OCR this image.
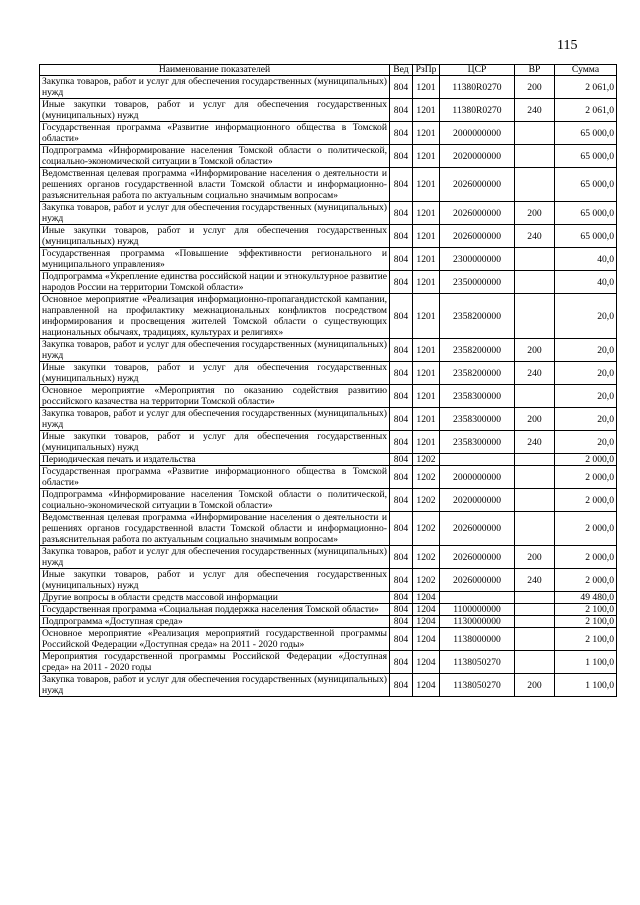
115
Наименование показателей	Вед	РзПр	ЦСР	ВР	Сумма
Закупка товаров, работ и услуг для обеспечения государственных (муниципальных) нужд	804	1201	11380R0270	200	2 061,0
Иные закупки товаров, работ и услуг для обеспечения государственных (муниципальных) нужд	804	1201	11380R0270	240	2 061,0
Государственная программа «Развитие информационного общества в Томской области»	804	1201	2000000000		65 000,0
Подпрограмма «Информирование населения Томской области о политической, социально-экономической ситуации в Томской области»	804	1201	2020000000		65 000,0
Ведомственная целевая программа «Информирование населения о деятельности и решениях органов государственной власти Томской области и информационно-разъяснительная работа по актуальным социально значимым вопросам»	804	1201	2026000000		65 000,0
Закупка товаров, работ и услуг для обеспечения государственных (муниципальных) нужд	804	1201	2026000000	200	65 000,0
Иные закупки товаров, работ и услуг для обеспечения государственных (муниципальных) нужд	804	1201	2026000000	240	65 000,0
Государственная программа «Повышение эффективности регионального и муниципального управления»	804	1201	2300000000		40,0
Подпрограмма «Укрепление единства российской нации и этнокультурное развитие народов России на территории Томской области»	804	1201	2350000000		40,0
Основное мероприятие «Реализация информационно-пропагандистской кампании, направленной на профилактику межнациональных конфликтов посредством информирования и просвещения жителей Томской области о существующих национальных обычаях, традициях, культурах и религиях»	804	1201	2358200000		20,0
Закупка товаров, работ и услуг для обеспечения государственных (муниципальных) нужд	804	1201	2358200000	200	20,0
Иные закупки товаров, работ и услуг для обеспечения государственных (муниципальных) нужд	804	1201	2358200000	240	20,0
Основное мероприятие «Мероприятия по оказанию содействия развитию российского казачества на территории Томской области»	804	1201	2358300000		20,0
Закупка товаров, работ и услуг для обеспечения государственных (муниципальных) нужд	804	1201	2358300000	200	20,0
Иные закупки товаров, работ и услуг для обеспечения государственных (муниципальных) нужд	804	1201	2358300000	240	20,0
Периодическая печать и издательства	804	1202			2 000,0
Государственная программа «Развитие информационного общества в Томской области»	804	1202	2000000000		2 000,0
Подпрограмма «Информирование населения Томской области о политической, социально-экономической ситуации в Томской области»	804	1202	2020000000		2 000,0
Ведомственная целевая программа «Информирование населения о деятельности и решениях органов государственной власти Томской области и информационно-разъяснительная работа по актуальным социально значимым вопросам»	804	1202	2026000000		2 000,0
Закупка товаров, работ и услуг для обеспечения государственных (муниципальных) нужд	804	1202	2026000000	200	2 000,0
Иные закупки товаров, работ и услуг для обеспечения государственных (муниципальных) нужд	804	1202	2026000000	240	2 000,0
Другие вопросы в области средств массовой информации	804	1204			49 480,0
Государственная программа «Социальная поддержка населения Томской области»	804	1204	1100000000		2 100,0
Подпрограмма «Доступная среда»	804	1204	1130000000		2 100,0
Основное мероприятие «Реализация мероприятий государственной программы Российской Федерации «Доступная среда» на 2011 - 2020 годы»	804	1204	1138000000		2 100,0
Мероприятия государственной программы Российской Федерации «Доступная среда» на 2011 - 2020 годы	804	1204	1138050270		1 100,0
Закупка товаров, работ и услуг для обеспечения государственных (муниципальных) нужд	804	1204	1138050270	200	1 100,0
